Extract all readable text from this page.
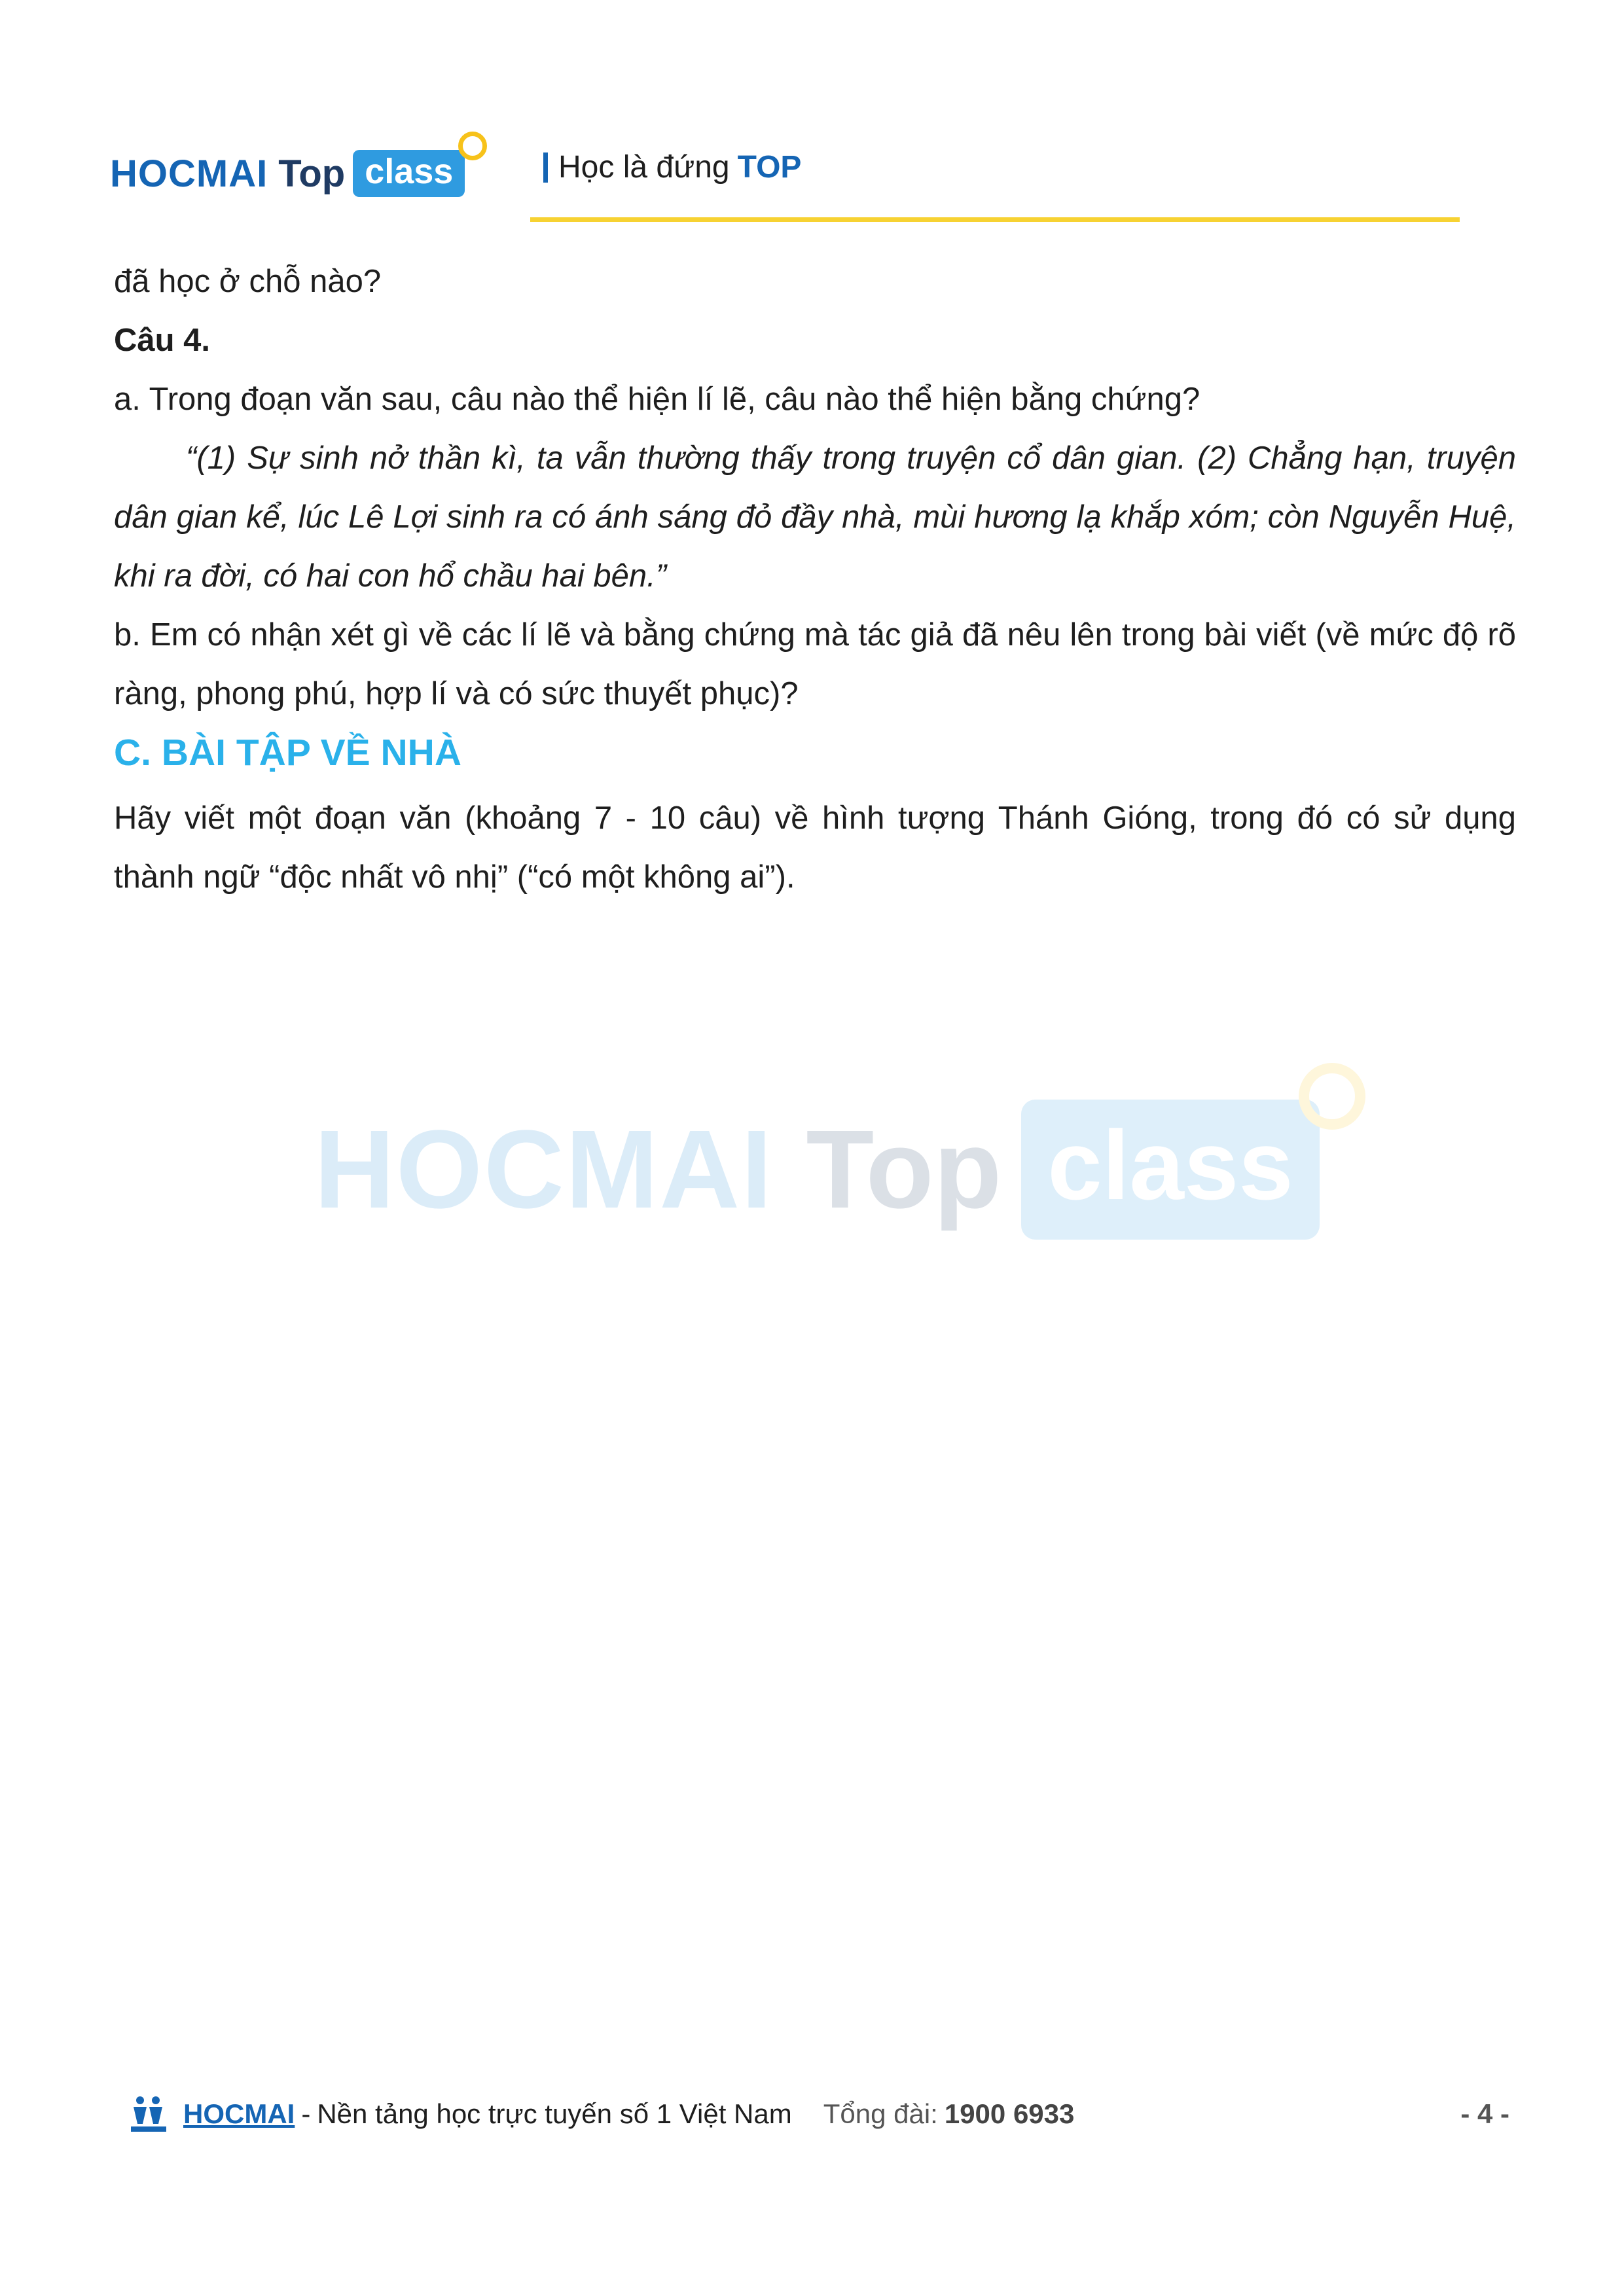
HOCMAI Top class	Học là đứng TOP
đã học ở chỗ nào?
Câu 4.
a. Trong đoạn văn sau, câu nào thể hiện lí lẽ, câu nào thể hiện bằng chứng?
“(1) Sự sinh nở thần kì, ta vẫn thường thấy trong truyện cổ dân gian. (2) Chẳng hạn, truyện dân gian kể, lúc Lê Lợi sinh ra có ánh sáng đỏ đầy nhà, mùi hương lạ khắp xóm; còn Nguyễn Huệ, khi ra đời, có hai con hổ chầu hai bên.”
b. Em có nhận xét gì về các lí lẽ và bằng chứng mà tác giả đã nêu lên trong bài viết (về mức độ rõ ràng, phong phú, hợp lí và có sức thuyết phục)?
C. BÀI TẬP VỀ NHÀ
Hãy viết một đoạn văn (khoảng 7 - 10 câu) về hình tượng Thánh Gióng, trong đó có sử dụng thành ngữ “độc nhất vô nhị” (“có một không ai”).
HOCMAI Top class
HOCMAI - Nền tảng học trực tuyến số 1 Việt Nam Tổng đài: 1900 6933	- 4 -
